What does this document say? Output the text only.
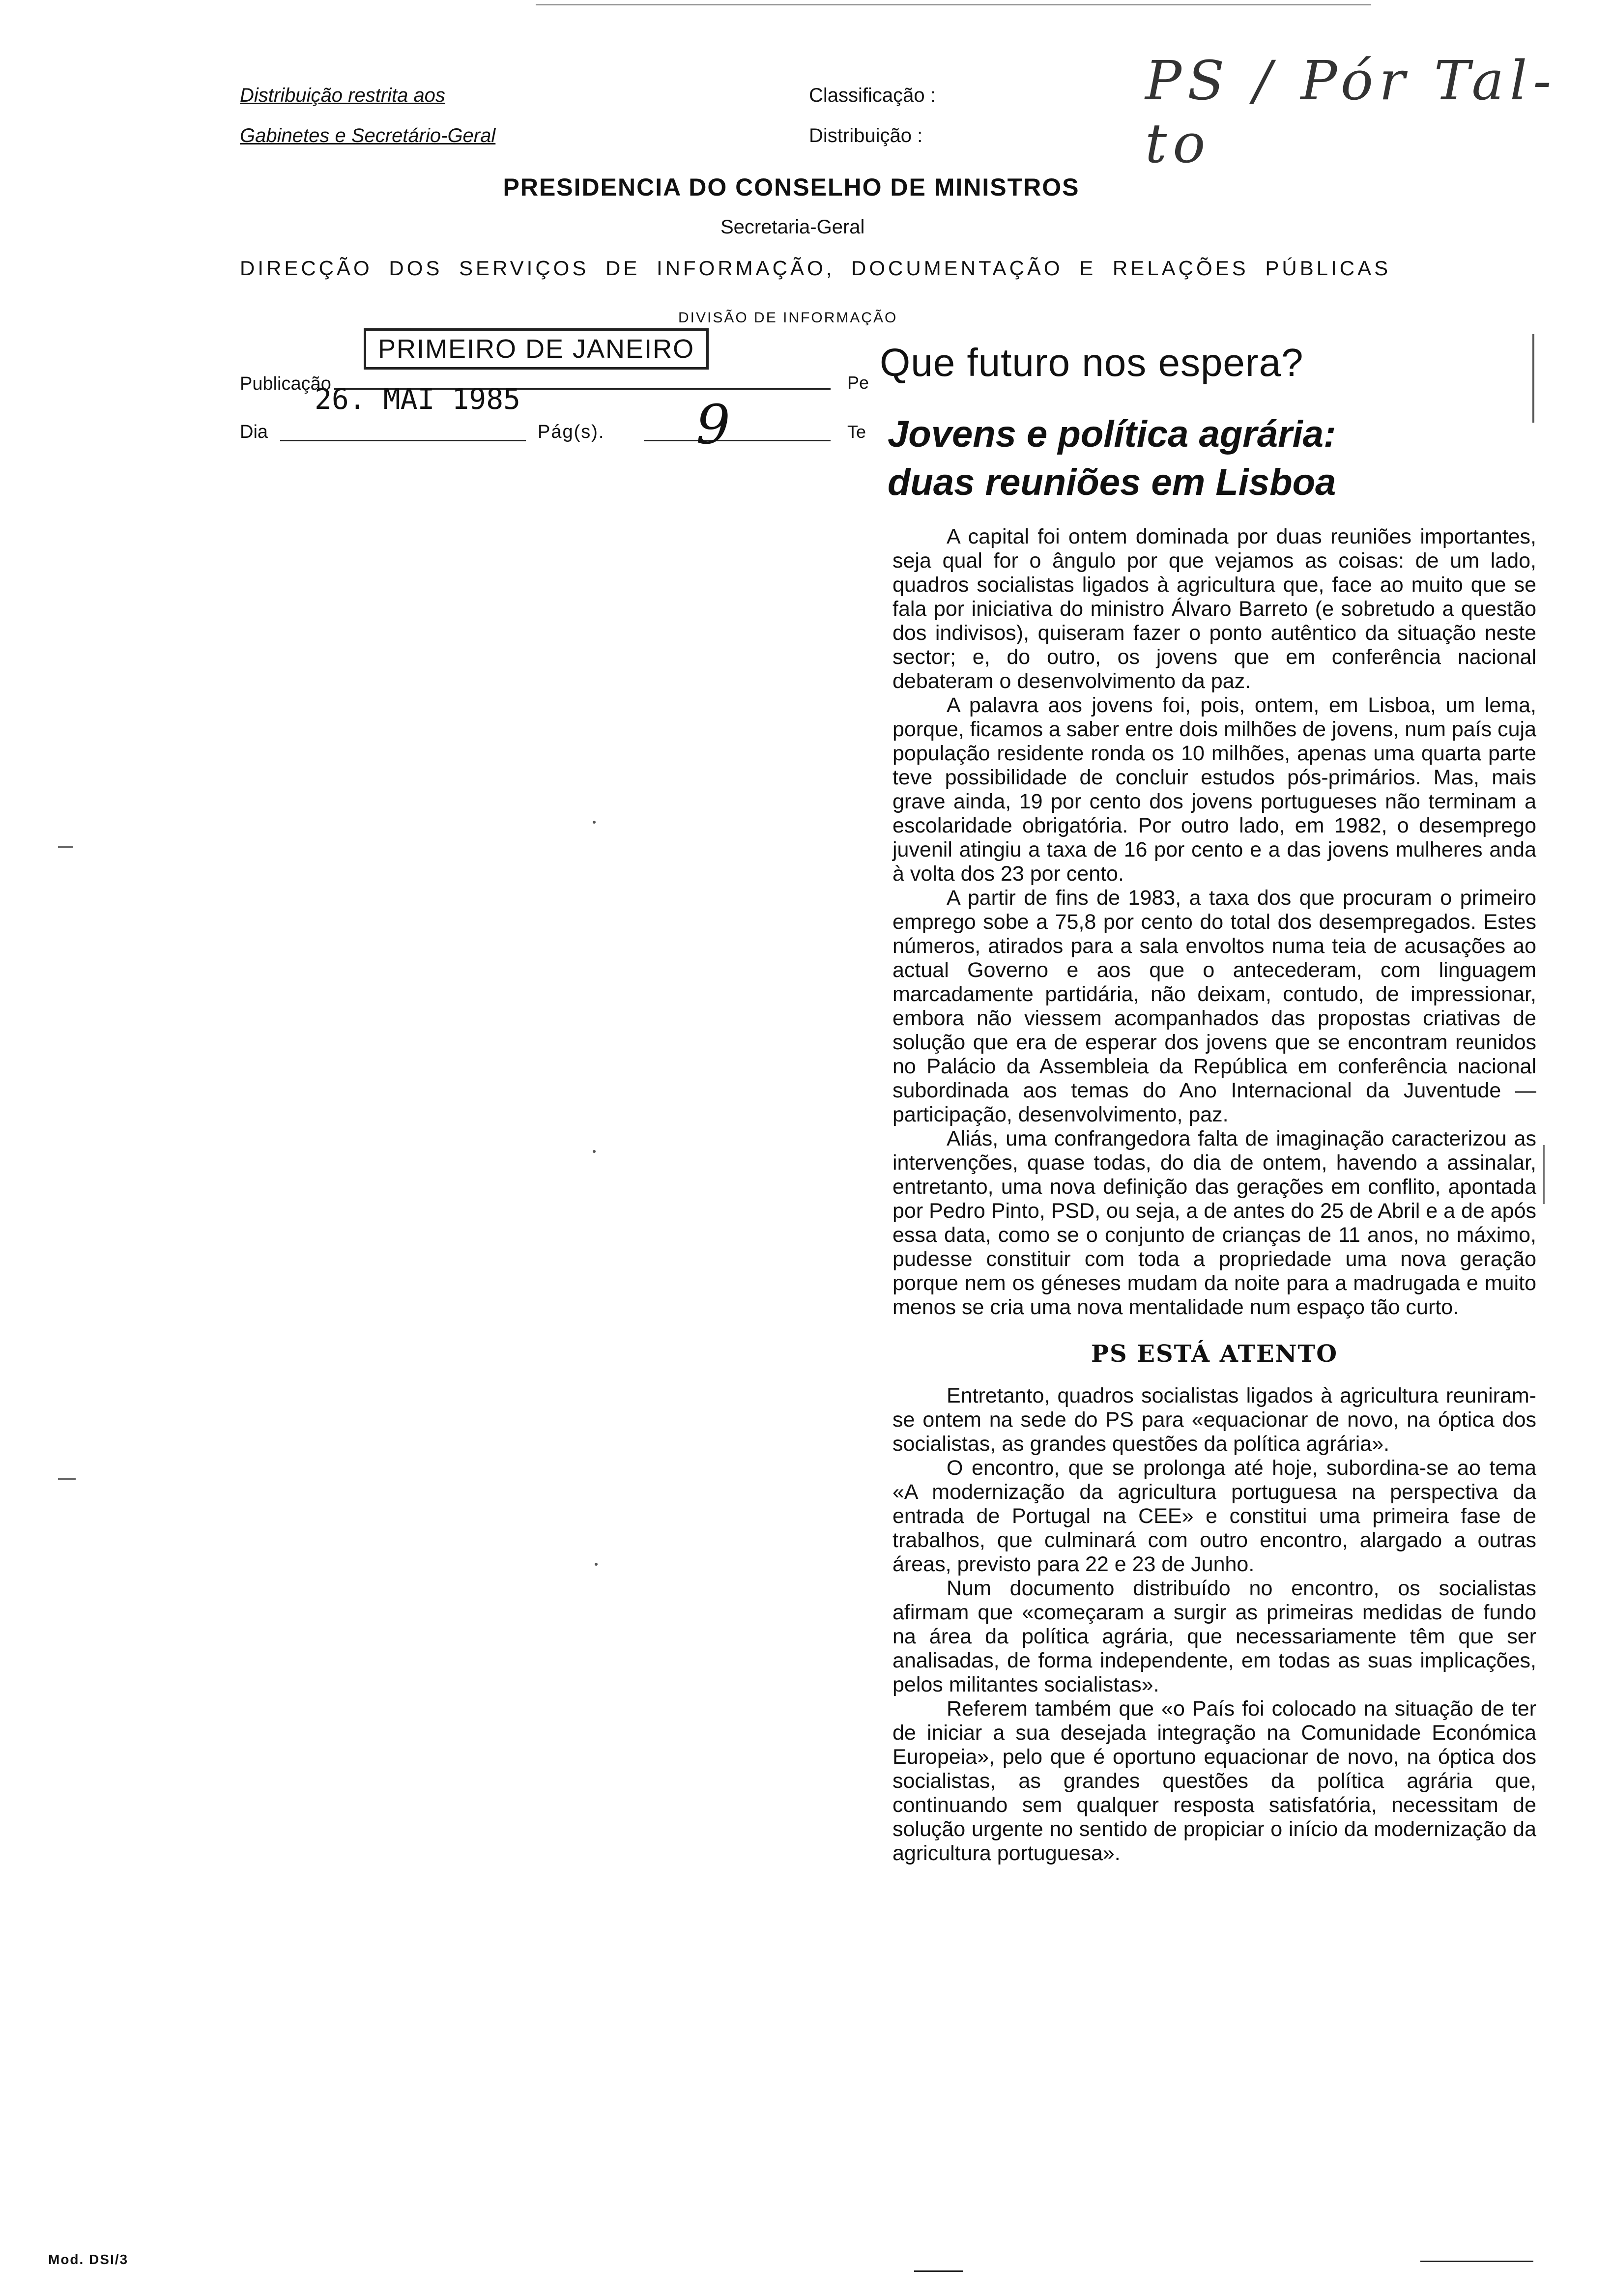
Distribuição restrita aos
Gabinetes e Secretário-Geral
Classificação :
Distribuição :
PS / Pór Tal-to
PRESIDENCIA DO CONSELHO DE MINISTROS
Secretaria-Geral
DIRECÇÃO DOS SERVIÇOS DE INFORMAÇÃO, DOCUMENTAÇÃO E RELAÇÕES PÚBLICAS
DIVISÃO DE INFORMAÇÃO
Publicação
PRIMEIRO DE JANEIRO
26. MAI 1985
Dia	Pág(s). 9
Pe
Te
Que futuro nos espera?
Jovens e política agrária:
duas reuniões em Lisboa

A capital foi ontem dominada por duas reuniões importantes, seja qual for o ângulo por que vejamos as coisas: de um lado, quadros socialistas ligados à agricultura que, face ao muito que se fala por iniciativa do ministro Álvaro Barreto (e sobretudo a questão dos indivisos), quiseram fazer o ponto autêntico da situação neste sector; e, do outro, os jovens que em conferência nacional debateram o desenvolvimento da paz.

A palavra aos jovens foi, pois, ontem, em Lisboa, um lema, porque, ficamos a saber entre dois milhões de jovens, num país cuja população residente ronda os 10 milhões, apenas uma quarta parte teve possibilidade de concluir estudos pós-primários. Mas, mais grave ainda, 19 por cento dos jovens portugueses não terminam a escolaridade obrigatória. Por outro lado, em 1982, o desemprego juvenil atingiu a taxa de 16 por cento e a das jovens mulheres anda à volta dos 23 por cento.

A partir de fins de 1983, a taxa dos que procuram o primeiro emprego sobe a 75,8 por cento do total dos desempregados. Estes números, atirados para a sala envoltos numa teia de acusações ao actual Governo e aos que o antecederam, com linguagem marcadamente partidária, não deixam, contudo, de impressionar, embora não viessem acompanhados das propostas criativas de solução que era de esperar dos jovens que se encontram reunidos no Palácio da Assembleia da República em conferência nacional subordinada aos temas do Ano Internacional da Juventude — participação, desenvolvimento, paz.

Aliás, uma confrangedora falta de imaginação caracterizou as intervenções, quase todas, do dia de ontem, havendo a assinalar, entretanto, uma nova definição das gerações em conflito, apontada por Pedro Pinto, PSD, ou seja, a de antes do 25 de Abril e a de após essa data, como se o conjunto de crianças de 11 anos, no máximo, pudesse constituir com toda a propriedade uma nova geração porque nem os géneses mudam da noite para a madrugada e muito menos se cria uma nova mentalidade num espaço tão curto.

PS ESTÁ ATENTO

Entretanto, quadros socialistas ligados à agricultura reuniram-se ontem na sede do PS para «equacionar de novo, na óptica dos socialistas, as grandes questões da política agrária».

O encontro, que se prolonga até hoje, subordina-se ao tema «A modernização da agricultura portuguesa na perspectiva da entrada de Portugal na CEE» e constitui uma primeira fase de trabalhos, que culminará com outro encontro, alargado a outras áreas, previsto para 22 e 23 de Junho.

Num documento distribuído no encontro, os socialistas afirmam que «começaram a surgir as primeiras medidas de fundo na área da política agrária, que necessariamente têm que ser analisadas, de forma independente, em todas as suas implicações, pelos militantes socialistas».

Referem também que «o País foi colocado na situação de ter de iniciar a sua desejada integração na Comunidade Económica Europeia», pelo que é oportuno equacionar de novo, na óptica dos socialistas, as grandes questões da política agrária que, continuando sem qualquer resposta satisfatória, necessitam de solução urgente no sentido de propiciar o início da modernização da agricultura portuguesa».

Mod. DSI/3
